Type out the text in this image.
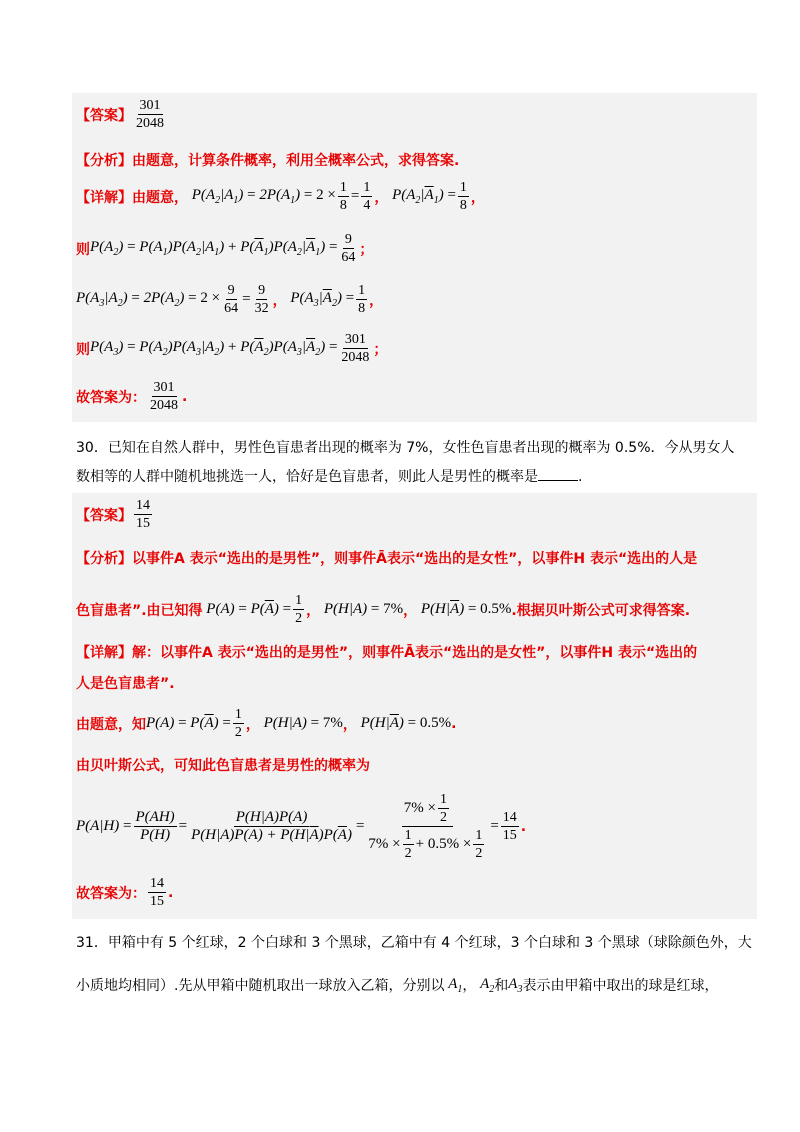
【答案】 $\frac{301}{2048}$
【分析】由题意，计算条件概率，利用全概率公式，求得答案.
【详解】 由题意， $P(A_2|A_1) = 2P(A_1) = 2 \times \frac{1}{8} = \frac{1}{4}$ ， $P(A_2|\overline{A}_1) = \frac{1}{8}$ ，
则 $P(A_2) = P(A_1)P(A_2|A_1) + P(\overline{A}_1)P(A_2|\overline{A}_1) = \frac{9}{64}$ ；
$P(A_3|A_2) = 2P(A_2) = 2 \times \frac{9}{64} = \frac{9}{32}$ ， $P(A_3|\overline{A}_2) = \frac{1}{8}$ ，
则 $P(A_3) = P(A_2)P(A_3|A_2) + P(\overline{A}_2)P(A_3|\overline{A}_2) = \frac{301}{2048}$ ；
故答案为： $\frac{301}{2048}$ .
30．已知在自然人群中，男性色盲患者出现的概率为 7%，女性色盲患者出现的概率为 0.5%．今从男女人
数相等的人群中随机地挑选一人，恰好是色盲患者，则此人是男性的概率是	.
【答案】 $\frac{14}{15}$
【分析】以事件A 表示“选出的是男性”，则事件Ā表示“选出的是女性”，以事件H 表示“选出的人是
色盲患者”.由已知得 $P(A) = P(\overline{A}) = \frac{1}{2}$ ， P(H|A) = 7% ， $P(H|\overline{A}) = 0.5\%$ .根据贝叶斯公式可求得答案.
【详解】解：以事件A 表示“选出的是男性”，则事件Ā表示“选出的是女性”，以事件H 表示“选出的
人是色盲患者”.
由题意，知 $P(A) = P(\overline{A}) = \frac{1}{2}$ ， P(H|A) = 7% ， $P(H|\overline{A}) = 0.5\%$ .
由贝叶斯公式，可知此色盲患者是男性的概率为
$P(A|H) = \frac{P(AH)}{P(H)} = \frac{P(H|A)P(A)}{P(H|A)P(A) + P(H|\overline{A})P(\overline{A})} = \frac{7\% \times \frac{1}{2}}{7\% \times \frac{1}{2} + 0.5\% \times \frac{1}{2}} = \frac{14}{15}$ .
故答案为： $\frac{14}{15}$ .
31．甲箱中有 5 个红球，2 个白球和 3 个黑球，乙箱中有 4 个红球，3 个白球和 3 个黑球（球除颜色外，大
小质地均相同）.先从甲箱中随机取出一球放入乙箱，分别以 $A_1$ ， $A_2$ 和 $A_3$ 表示由甲箱中取出的球是红球，
